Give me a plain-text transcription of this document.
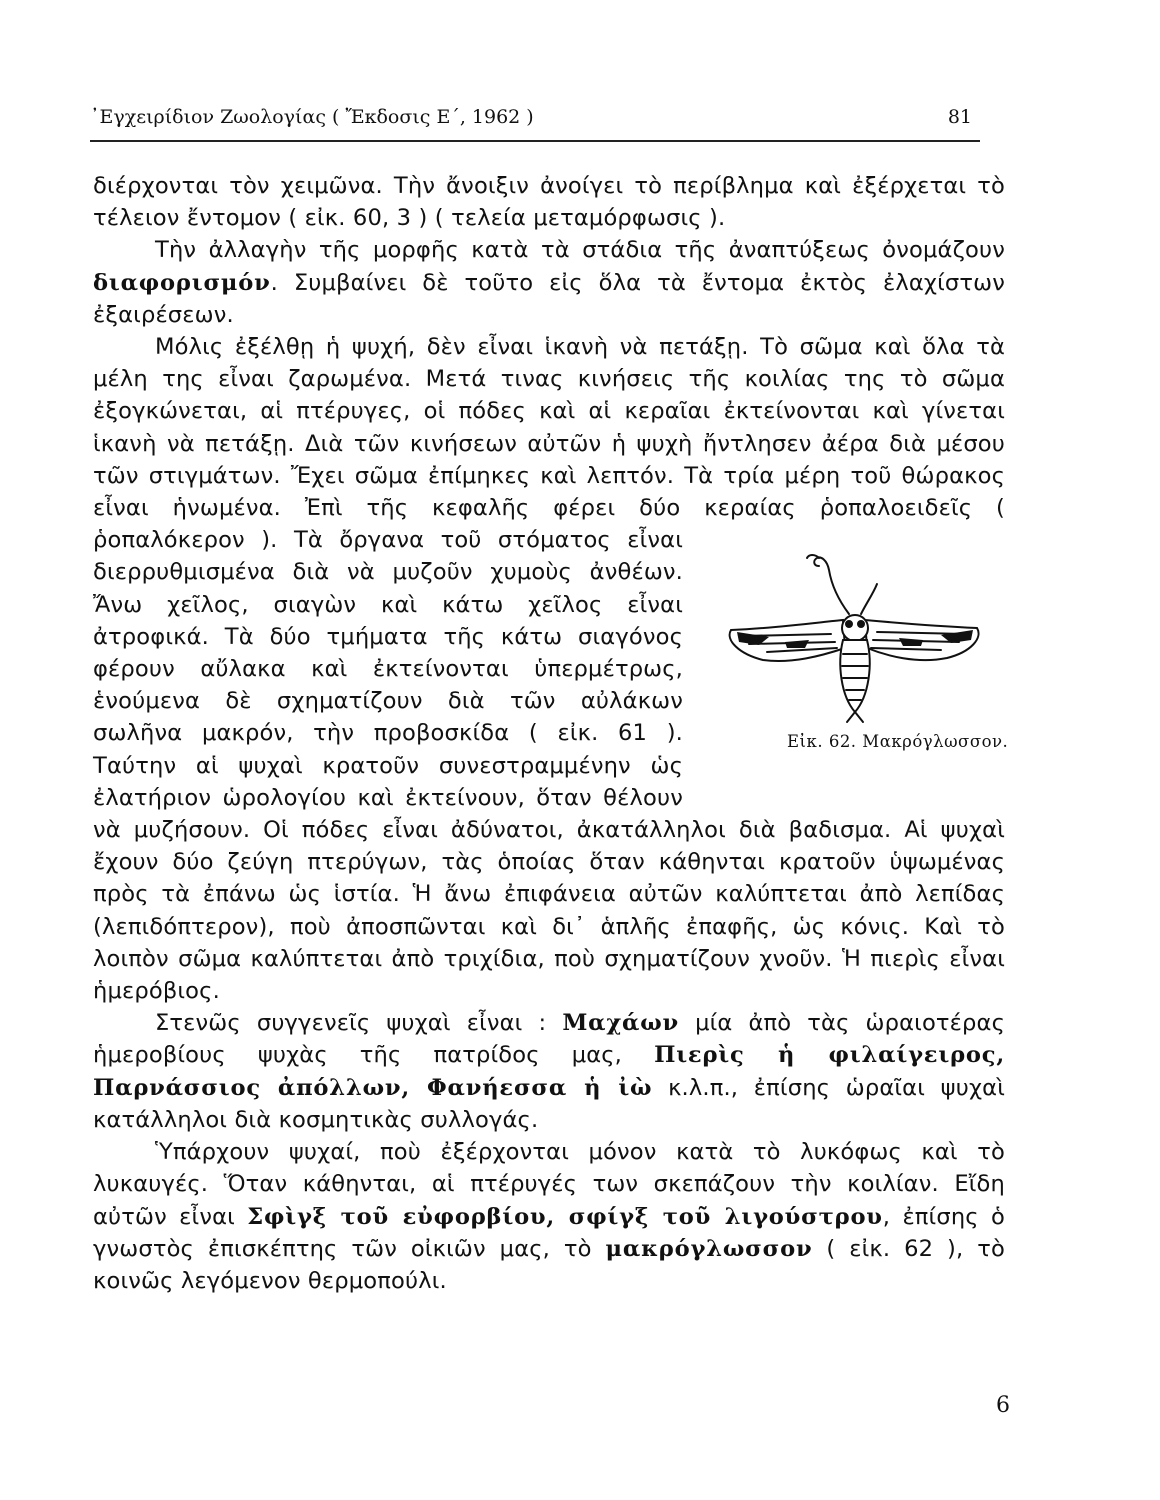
᾿Εγχειρίδιον Ζωολογίας ( Ἔκδοσις Ε΄, 1962 )	81

διέρχονται τὸν χειμῶνα. Τὴν ἄνοιξιν ἀνοίγει τὸ περίβλημα καὶ ἐξέρχεται τὸ τέλειον ἔντομον ( εἰκ. 60, 3 ) ( τελεία μεταμόρφωσις ).

Τὴν ἀλλαγὴν τῆς μορφῆς κατὰ τὰ στάδια τῆς ἀναπτύξεως ὀνομάζουν διαφορισμόν. Συμβαίνει δὲ τοῦτο εἰς ὅλα τὰ ἔντομα ἐκτὸς ἐλαχίστων ἐξαιρέσεων.

Μόλις ἐξέλθῃ ἡ ψυχή, δὲν εἶναι ἱκανὴ νὰ πετάξῃ. Τὸ σῶμα καὶ ὅλα τὰ μέλη της εἶναι ζαρωμένα. Μετά τινας κινήσεις τῆς κοιλίας της τὸ σῶμα ἐξογκώνεται, αἱ πτέρυγες, οἱ πόδες καὶ αἱ κεραῖαι ἐκτείνονται καὶ γίνεται ἱκανὴ νὰ πετάξῃ. Διὰ τῶν κινήσεων αὐτῶν ἡ ψυχὴ ἤντλησεν ἀέρα διὰ μέσου τῶν στιγμάτων. Ἔχει σῶμα ἐπίμηκες καὶ λεπτόν. Τὰ τρία μέρη τοῦ θώρακος εἶναι ἡνωμένα. Ἐπὶ τῆς κεφαλῆς φέρει δύο κεραίας ῥοπαλοειδεῖς ( ῥοπαλόκερον ).
Εἰκ. 62. Μακρόγλωσσον.
Τὰ ὄργανα τοῦ στόματος εἶναι διερρυθμισμένα διὰ νὰ μυζοῦν χυμοὺς ἀνθέων. Ἄνω χεῖλος, σιαγὼν καὶ κάτω χεῖλος εἶναι ἀτροφικά. Τὰ δύο τμήματα τῆς κάτω σιαγόνος φέρουν αὔλακα καὶ ἐκτείνονται ὑπερμέτρως, ἑνούμενα δὲ σχηματίζουν διὰ τῶν αὐλάκων σωλῆνα μακρόν, τὴν προβοσκίδα ( εἰκ. 61 ). Ταύτην αἱ ψυχαὶ κρατοῦν συνεστραμμένην ὡς ἐλατήριον ὡρολογίου καὶ ἐκτείνουν, ὅταν θέλουν νὰ μυζήσουν. Οἱ πόδες εἶναι ἀδύνατοι, ἀκατάλληλοι διὰ βαδισμα. Αἱ ψυχαὶ ἔχουν δύο ζεύγη πτερύγων, τὰς ὁποίας ὅταν κάθηνται κρατοῦν ὑψωμένας πρὸς τὰ ἐπάνω ὡς ἱστία. Ἡ ἄνω ἐπιφάνεια αὐτῶν καλύπτεται ἀπὸ λεπίδας (λεπιδόπτερον), ποὺ ἀποσπῶνται καὶ δι᾿ ἁπλῆς ἐπαφῆς, ὡς κόνις. Καὶ τὸ λοιπὸν σῶμα καλύπτεται ἀπὸ τριχίδια, ποὺ σχηματίζουν χνοῦν. Ἡ πιερὶς εἶναι ἡμερόβιος.

Στενῶς συγγενεῖς ψυχαὶ εἶναι : Μαχάων μία ἀπὸ τὰς ὡραιοτέρας ἡμεροβίους ψυχὰς τῆς πατρίδος μας, Πιερὶς ἡ φιλαίγειρος, Παρνάσσιος ἀπόλλων, Φανήεσσα ἡ ἰὼ κ.λ.π., ἐπίσης ὡραῖαι ψυχαὶ κατάλληλοι διὰ κοσμητικὰς συλλογάς.

Ὑπάρχουν ψυχαί, ποὺ ἐξέρχονται μόνον κατὰ τὸ λυκόφως καὶ τὸ λυκαυγές. Ὅταν κάθηνται, αἱ πτέρυγές των σκεπάζουν τὴν κοιλίαν. Εἴδη αὐτῶν εἶναι Σφὶγξ τοῦ εὐφορβίου, σφίγξ τοῦ λιγούστρου, ἐπίσης ὁ γνωστὸς ἐπισκέπτης τῶν οἰκιῶν μας, τὸ μακρόγλωσσον ( εἰκ. 62 ), τὸ κοινῶς λεγόμενον θερμοπούλι.

6
